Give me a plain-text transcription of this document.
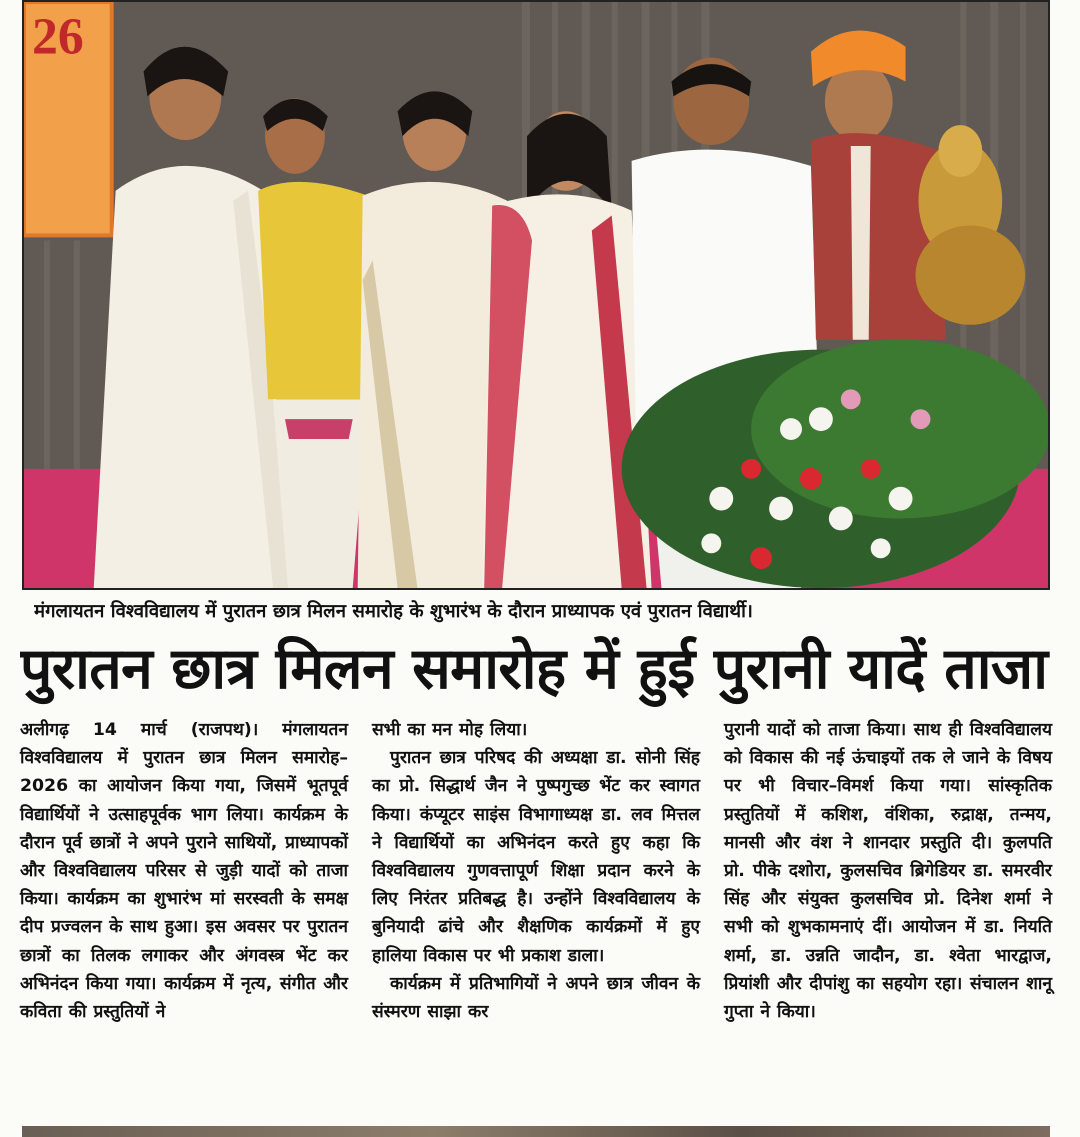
26
मंगलायतन विश्वविद्यालय में पुरातन छात्र मिलन समारोह के शुभारंभ के दौरान प्राध्यापक एवं पुरातन विद्यार्थी।
पुरातन छात्र मिलन समारोह में हुई पुरानी यादें ताजा

अलीगढ़ 14 मार्च (राजपथ)। मंगलायतन विश्वविद्यालय में पुरातन छात्र मिलन समारोह–2026 का आयोजन किया गया, जिसमें भूतपूर्व विद्यार्थियों ने उत्साहपूर्वक भाग लिया। कार्यक्रम के दौरान पूर्व छात्रों ने अपने पुराने साथियों, प्राध्यापकों और विश्वविद्यालय परिसर से जुड़ी यादों को ताजा किया। कार्यक्रम का शुभारंभ मां सरस्वती के समक्ष दीप प्रज्वलन के साथ हुआ। इस अवसर पर पुरातन छात्रों का तिलक लगाकर और अंगवस्त्र भेंट कर अभिनंदन किया गया। कार्यक्रम में नृत्य, संगीत और कविता की प्रस्तुतियों ने

सभी का मन मोह लिया।

पुरातन छात्र परिषद की अध्यक्षा डा. सोनी सिंह का प्रो. सिद्धार्थ जैन ने पुष्पगुच्छ भेंट कर स्वागत किया। कंप्यूटर साइंस विभागाध्यक्ष डा. लव मित्तल ने विद्यार्थियों का अभिनंदन करते हुए कहा कि विश्वविद्यालय गुणवत्तापूर्ण शिक्षा प्रदान करने के लिए निरंतर प्रतिबद्ध है। उन्होंने विश्वविद्यालय के बुनियादी ढांचे और शैक्षणिक कार्यक्रमों में हुए हालिया विकास पर भी प्रकाश डाला।

कार्यक्रम में प्रतिभागियों ने अपने छात्र जीवन के संस्मरण साझा कर

पुरानी यादों को ताजा किया। साथ ही विश्वविद्यालय को विकास की नई ऊंचाइयों तक ले जाने के विषय पर भी विचार–विमर्श किया गया। सांस्कृतिक प्रस्तुतियों में कशिश, वंशिका, रुद्राक्ष, तन्मय, मानसी और वंश ने शानदार प्रस्तुति दी। कुलपति प्रो. पीके दशोरा, कुलसचिव ब्रिगेडियर डा. समरवीर सिंह और संयुक्त कुलसचिव प्रो. दिनेश शर्मा ने सभी को शुभकामनाएं दीं। आयोजन में डा. नियति शर्मा, डा. उन्नति जादौन, डा. श्वेता भारद्वाज, प्रियांशी और दीपांशु का सहयोग रहा। संचालन शानू गुप्ता ने किया।
